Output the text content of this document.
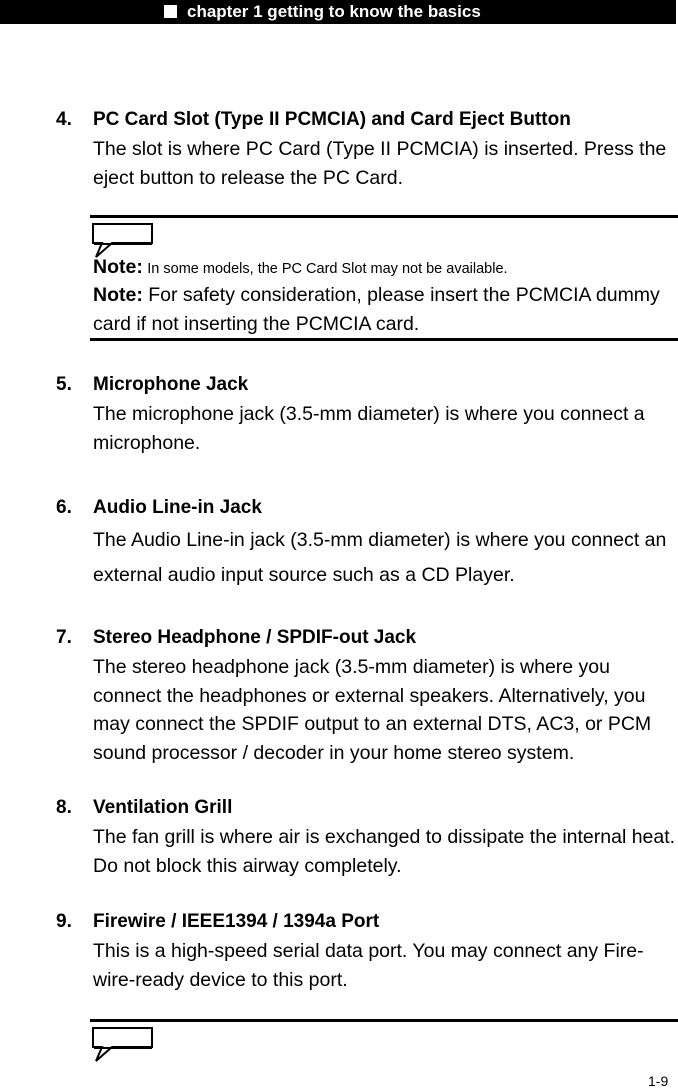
chapter 1 getting to know the basics
4. PC Card Slot (Type II PCMCIA) and Card Eject Button

The slot is where PC Card (Type II PCMCIA) is inserted. Press the eject button to release the PC Card.

Note: In some models, the PC Card Slot may not be available.

Note: For safety consideration, please insert the PCMCIA dummy card if not inserting the PCMCIA card.

5. Microphone Jack

The microphone jack (3.5-mm diameter) is where you connect a microphone.

6. Audio Line-in Jack

The Audio Line-in jack (3.5-mm diameter) is where you connect an external audio input source such as a CD Player.

7. Stereo Headphone / SPDIF-out Jack

The stereo headphone jack (3.5-mm diameter) is where you connect the headphones or external speakers. Alternatively, you may connect the SPDIF output to an external DTS, AC3, or PCM sound processor / decoder in your home stereo system.

8. Ventilation Grill

The fan grill is where air is exchanged to dissipate the internal heat. Do not block this airway completely.

9. Firewire / IEEE1394 / 1394a Port

This is a high-speed serial data port. You may connect any Fire-wire-ready device to this port.

1-9
